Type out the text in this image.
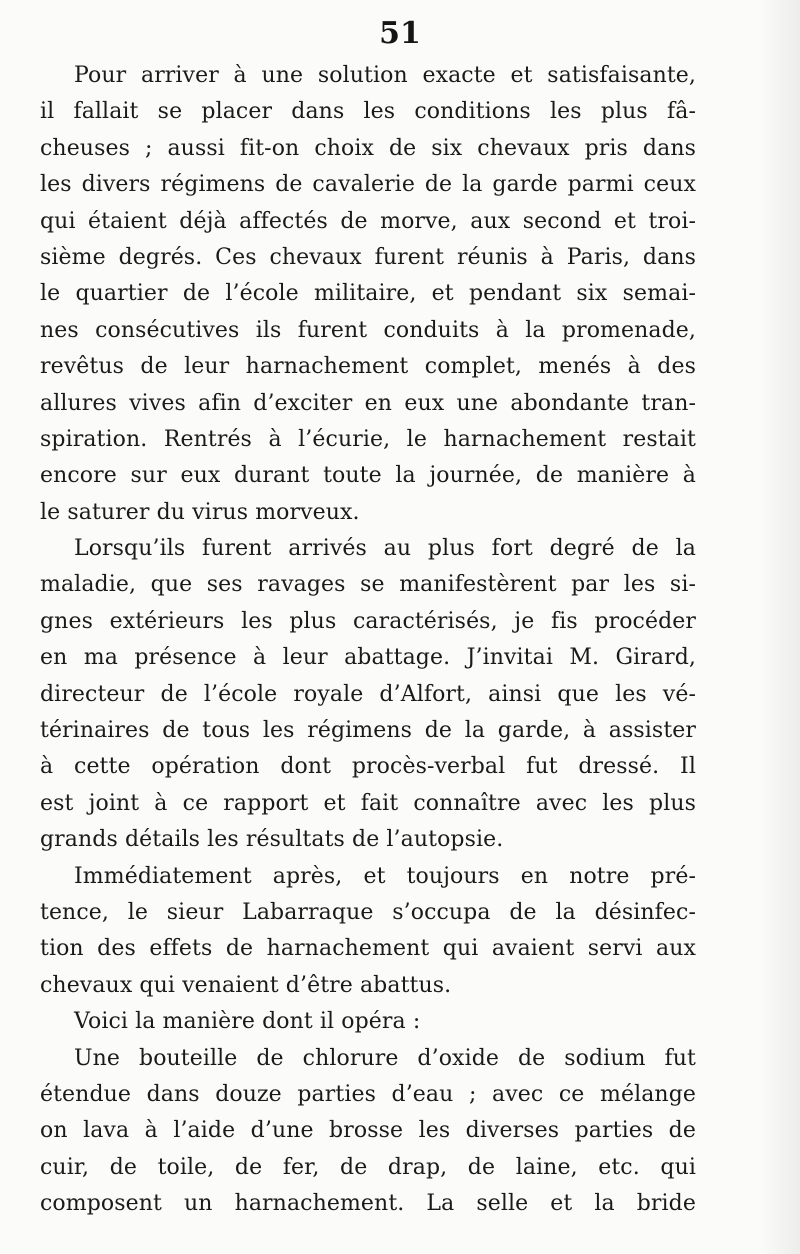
51
Pour arriver à une solution exacte et satisfaisante,
il fallait se placer dans les conditions les plus fâ-
cheuses ; aussi fit-on choix de six chevaux pris dans
les divers régimens de cavalerie de la garde parmi ceux
qui étaient déjà affectés de morve, aux second et troi-
sième degrés. Ces chevaux furent réunis à Paris, dans
le quartier de l’école militaire, et pendant six semai-
nes consécutives ils furent conduits à la promenade,
revêtus de leur harnachement complet, menés à des
allures vives afin d’exciter en eux une abondante tran-
spiration. Rentrés à l’écurie, le harnachement restait
encore sur eux durant toute la journée, de manière à
le saturer du virus morveux.
Lorsqu’ils furent arrivés au plus fort degré de la
maladie, que ses ravages se manifestèrent par les si-
gnes extérieurs les plus caractérisés, je fis procéder
en ma présence à leur abattage. J’invitai M. Girard,
directeur de l’école royale d’Alfort, ainsi que les vé-
térinaires de tous les régimens de la garde, à assister
à cette opération dont procès-verbal fut dressé. Il
est joint à ce rapport et fait connaître avec les plus
grands détails les résultats de l’autopsie.
Immédiatement après, et toujours en notre pré-
tence, le sieur Labarraque s’occupa de la désinfec-
tion des effets de harnachement qui avaient servi aux
chevaux qui venaient d’être abattus.
Voici la manière dont il opéra :
Une bouteille de chlorure d’oxide de sodium fut
étendue dans douze parties d’eau ; avec ce mélange
on lava à l’aide d’une brosse les diverses parties de
cuir, de toile, de fer, de drap, de laine, etc. qui
composent un harnachement. La selle et la bride
